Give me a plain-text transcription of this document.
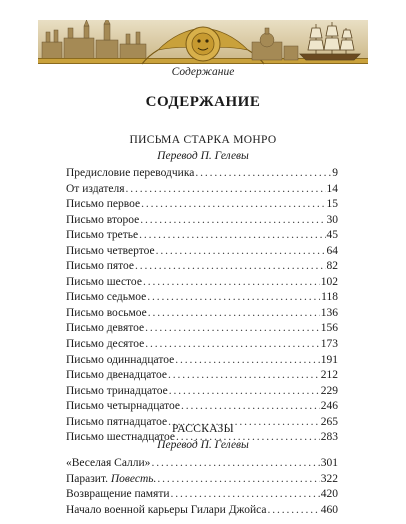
Содержание
СОДЕРЖАНИЕ
ПИСЬМА СТАРКА МОНРО
Перевод П. Гелевы
Предисловие переводчика . . .	9
От издателя . . .	14
Письмо первое . . .	15
Письмо второе . . .	30
Письмо третье . . .	45
Письмо четвертое . . .	64
Письмо пятое . . .	82
Письмо шестое . . .	102
Письмо седьмое . . .	118
Письмо восьмое . . .	136
Письмо девятое . . .	156
Письмо десятое . . .	173
Письмо одиннадцатое . . .	191
Письмо двенадцатое . . .	212
Письмо тринадцатое . . .	229
Письмо четырнадцатое . . .	246
Письмо пятнадцатое . . .	265
Письмо шестнадцатое . . .	283
РАССКАЗЫ
Перевод П. Гелевы
«Веселая Салли» . . .	301
Паразит. Повесть. . . .	322
Возвращение памяти . . .	420
Начало военной карьеры Гилари Джойса . . .	460
